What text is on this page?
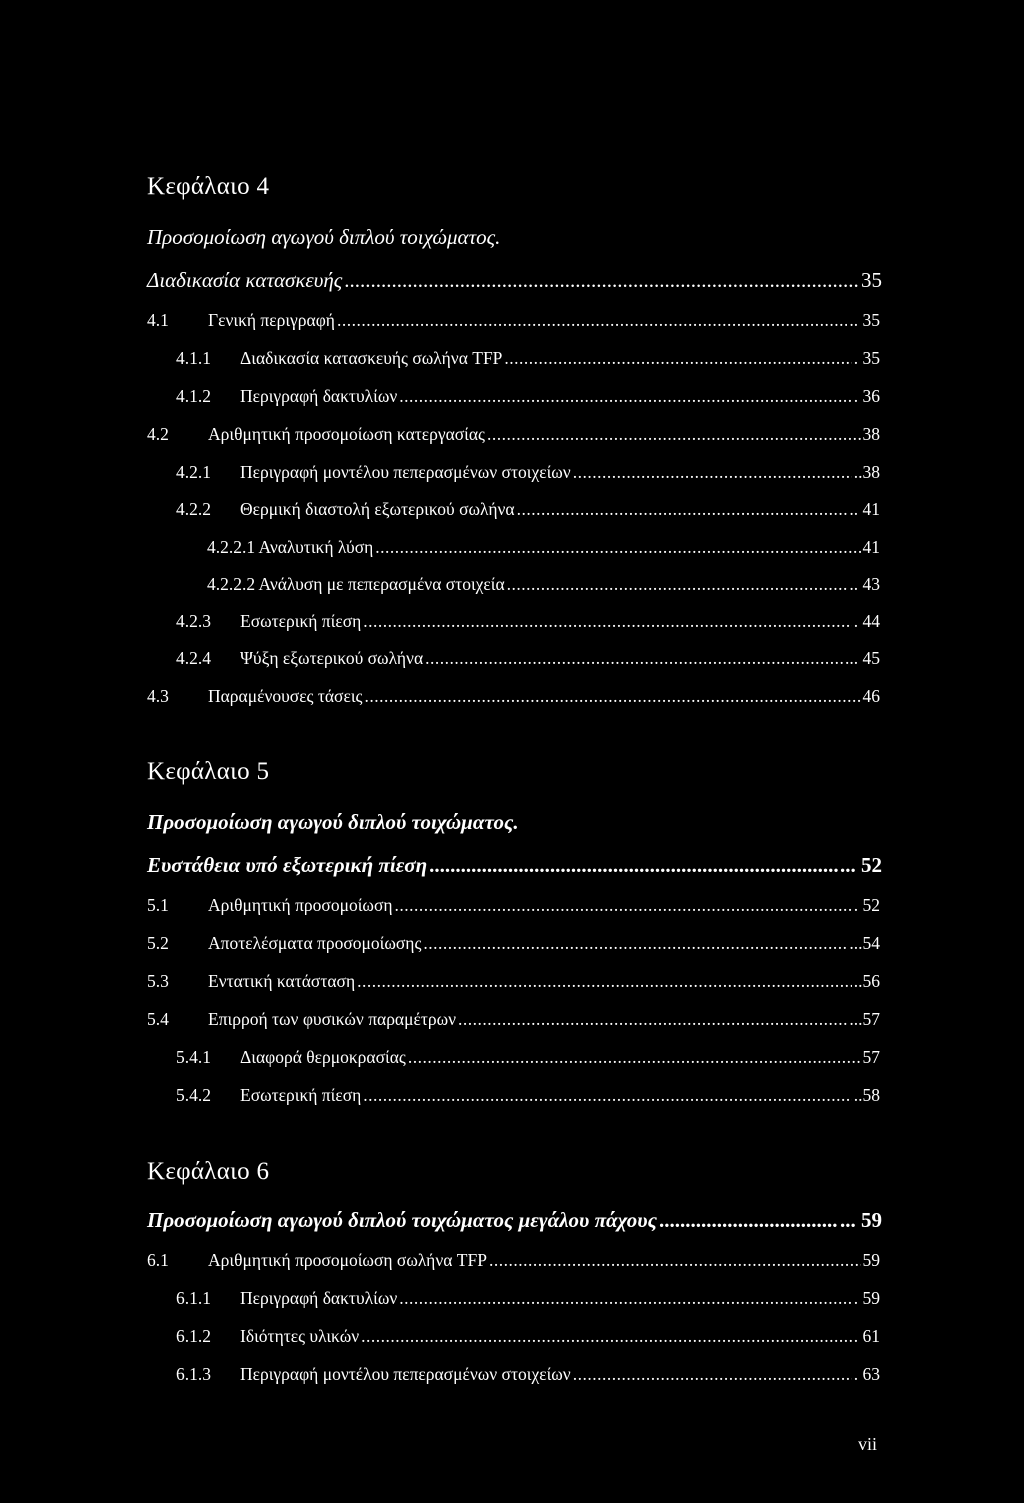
Κεφάλαιο 4
Προσομοίωση αγωγού διπλού τοιχώματος.
Διαδικασία κατασκευής .....	35
4.1	Γενική περιγραφή .....	.. 35
4.1.1	Διαδικασία κατασκευής σωλήνα TFP .....	. 35
4.1.2	Περιγραφή δακτυλίων .....	. 36
4.2	Αριθμητική προσομοίωση κατεργασίας .....	38
4.2.1	Περιγραφή μοντέλου πεπερασμένων στοιχείων .....	..38
4.2.2	Θερμική διαστολή εξωτερικού σωλήνα .....	.. 41
4.2.2.1 Αναλυτική λύση .....	41
4.2.2.2 Ανάλυση με πεπερασμένα στοιχεία .....	.. 43
4.2.3	Εσωτερική πίεση .....	. 44
4.2.4	Ψύξη εξωτερικού σωλήνα .....	... 45
4.3	Παραμένουσες τάσεις .....	46
Κεφάλαιο 5
Προσομοίωση αγωγού διπλού τοιχώματος.
Ευστάθεια υπό εξωτερική πίεση .....	... 52
5.1	Αριθμητική προσομοίωση .....	. 52
5.2	Αποτελέσματα προσομοίωσης .....	...54
5.3	Εντατική κατάσταση .....	..56
5.4	Επιρροή των φυσικών παραμέτρων .....	...57
5.4.1	Διαφορά θερμοκρασίας .....	57
5.4.2	Εσωτερική πίεση .....	..58
Κεφάλαιο 6
Προσομοίωση αγωγού διπλού τοιχώματος μεγάλου πάχους .....	... 59
6.1	Αριθμητική προσομοίωση σωλήνα TFP .....	59
6.1.1	Περιγραφή δακτυλίων .....	. 59
6.1.2	Ιδιότητες υλικών .....	. 61
6.1.3	Περιγραφή μοντέλου πεπερασμένων στοιχείων .....	. 63
vii
